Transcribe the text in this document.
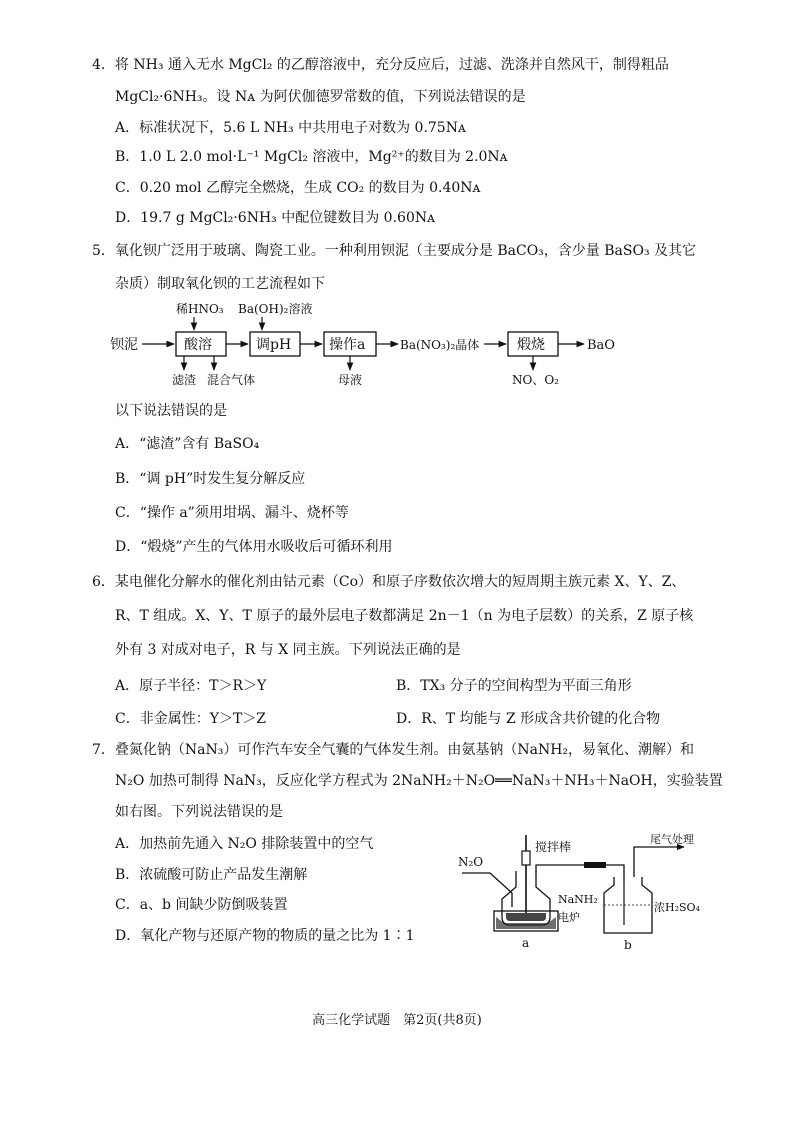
4．将 NH₃ 通入无水 MgCl₂ 的乙醇溶液中，充分反应后，过滤、洗涤并自然风干，制得粗品
MgCl₂·6NH₃。设 Nᴀ 为阿伏伽德罗常数的值，下列说法错误的是
A．标准状况下，5.6 L NH₃ 中共用电子对数为 0.75Nᴀ
B．1.0 L 2.0 mol·L⁻¹ MgCl₂ 溶液中，Mg²⁺的数目为 2.0Nᴀ
C．0.20 mol 乙醇完全燃烧，生成 CO₂ 的数目为 0.40Nᴀ
D．19.7 g MgCl₂·6NH₃ 中配位键数目为 0.60Nᴀ
5．氧化钡广泛用于玻璃、陶瓷工业。一种利用钡泥（主要成分是 BaCO₃，含少量 BaSO₃ 及其它
杂质）制取氧化钡的工艺流程如下
稀HNO₃ Ba(OH)₂溶液
钡泥	酸溶	调pH	操作a	Ba(NO₃)₂晶体	煅烧	BaO
滤渣 混合气体	母液	NO、O₂
以下说法错误的是
A．“滤渣”含有 BaSO₄
B．“调 pH”时发生复分解反应
C．“操作 a”须用坩埚、漏斗、烧杯等
D．“煅烧”产生的气体用水吸收后可循环利用
6．某电催化分解水的催化剂由钴元素（Co）和原子序数依次增大的短周期主族元素 X、Y、Z、
R、T 组成。X、Y、T 原子的最外层电子数都满足 2n－1（n 为电子层数）的关系，Z 原子核
外有 3 对成对电子，R 与 X 同主族。下列说法正确的是
A．原子半径：T＞R＞Y	B．TX₃ 分子的空间构型为平面三角形
C．非金属性：Y＞T＞Z	D．R、T 均能与 Z 形成含共价键的化合物
7．叠氮化钠（NaN₃）可作汽车安全气囊的气体发生剂。由氨基钠（NaNH₂，易氧化、潮解）和
N₂O 加热可制得 NaN₃，反应化学方程式为 2NaNH₂＋N₂O══NaN₃＋NH₃＋NaOH，实验装置
如右图。下列说法错误的是
A．加热前先通入 N₂O 排除装置中的空气
B．浓硫酸可防止产品发生潮解
C．a、b 间缺少防倒吸装置
D．氧化产物与还原产物的物质的量之比为 1∶1
N₂O
搅拌棒
NaNH₂
电炉
a
尾气处理
浓H₂SO₄
b
高三化学试题　第2页(共8页)
